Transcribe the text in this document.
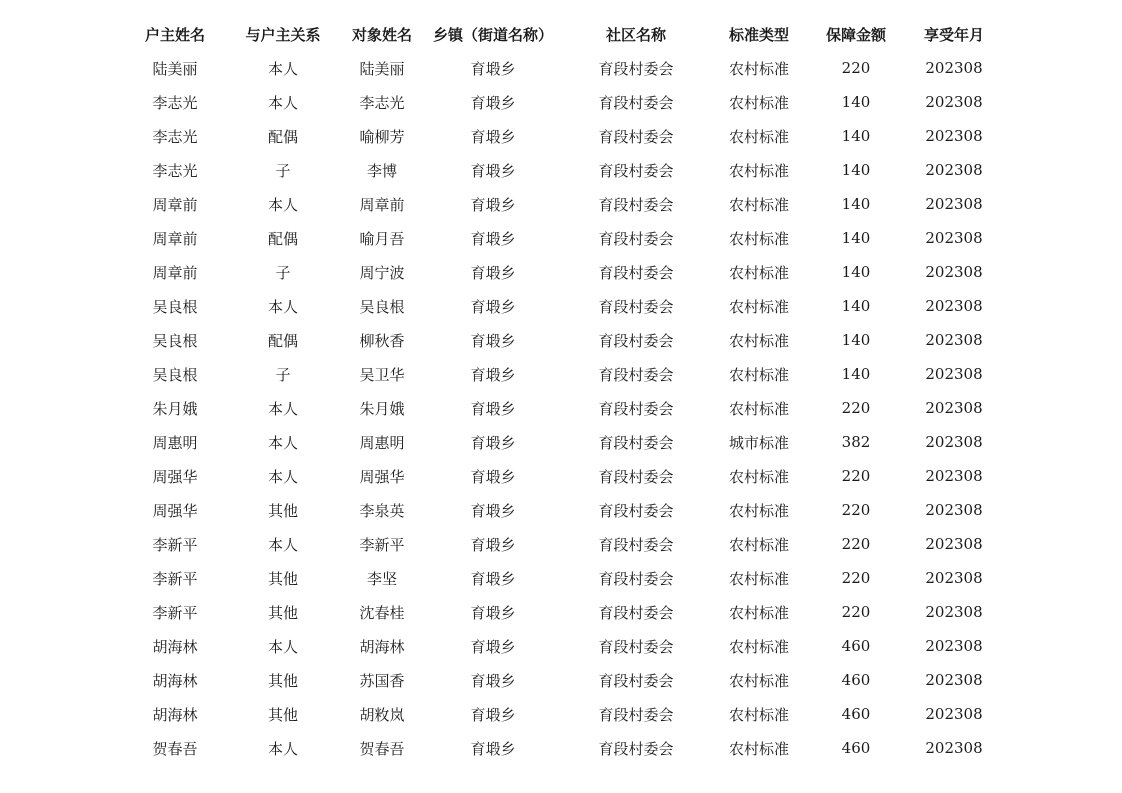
户主姓名	与户主关系	对象姓名	乡镇（街道名称）	社区名称	标准类型	保障金额	享受年月
陆美丽	本人	陆美丽	育塅乡	育段村委会	农村标准	220	202308
李志光	本人	李志光	育塅乡	育段村委会	农村标准	140	202308
李志光	配偶	喻柳芳	育塅乡	育段村委会	农村标准	140	202308
李志光	子	李博	育塅乡	育段村委会	农村标准	140	202308
周章前	本人	周章前	育塅乡	育段村委会	农村标准	140	202308
周章前	配偶	喻月吾	育塅乡	育段村委会	农村标准	140	202308
周章前	子	周宁波	育塅乡	育段村委会	农村标准	140	202308
吴良根	本人	吴良根	育塅乡	育段村委会	农村标准	140	202308
吴良根	配偶	柳秋香	育塅乡	育段村委会	农村标准	140	202308
吴良根	子	吴卫华	育塅乡	育段村委会	农村标准	140	202308
朱月娥	本人	朱月娥	育塅乡	育段村委会	农村标准	220	202308
周惠明	本人	周惠明	育塅乡	育段村委会	城市标准	382	202308
周强华	本人	周强华	育塅乡	育段村委会	农村标准	220	202308
周强华	其他	李泉英	育塅乡	育段村委会	农村标准	220	202308
李新平	本人	李新平	育塅乡	育段村委会	农村标准	220	202308
李新平	其他	李坚	育塅乡	育段村委会	农村标准	220	202308
李新平	其他	沈春桂	育塅乡	育段村委会	农村标准	220	202308
胡海林	本人	胡海林	育塅乡	育段村委会	农村标准	460	202308
胡海林	其他	苏国香	育塅乡	育段村委会	农村标准	460	202308
胡海林	其他	胡敉岚	育塅乡	育段村委会	农村标准	460	202308
贺春吾	本人	贺春吾	育塅乡	育段村委会	农村标准	460	202308
